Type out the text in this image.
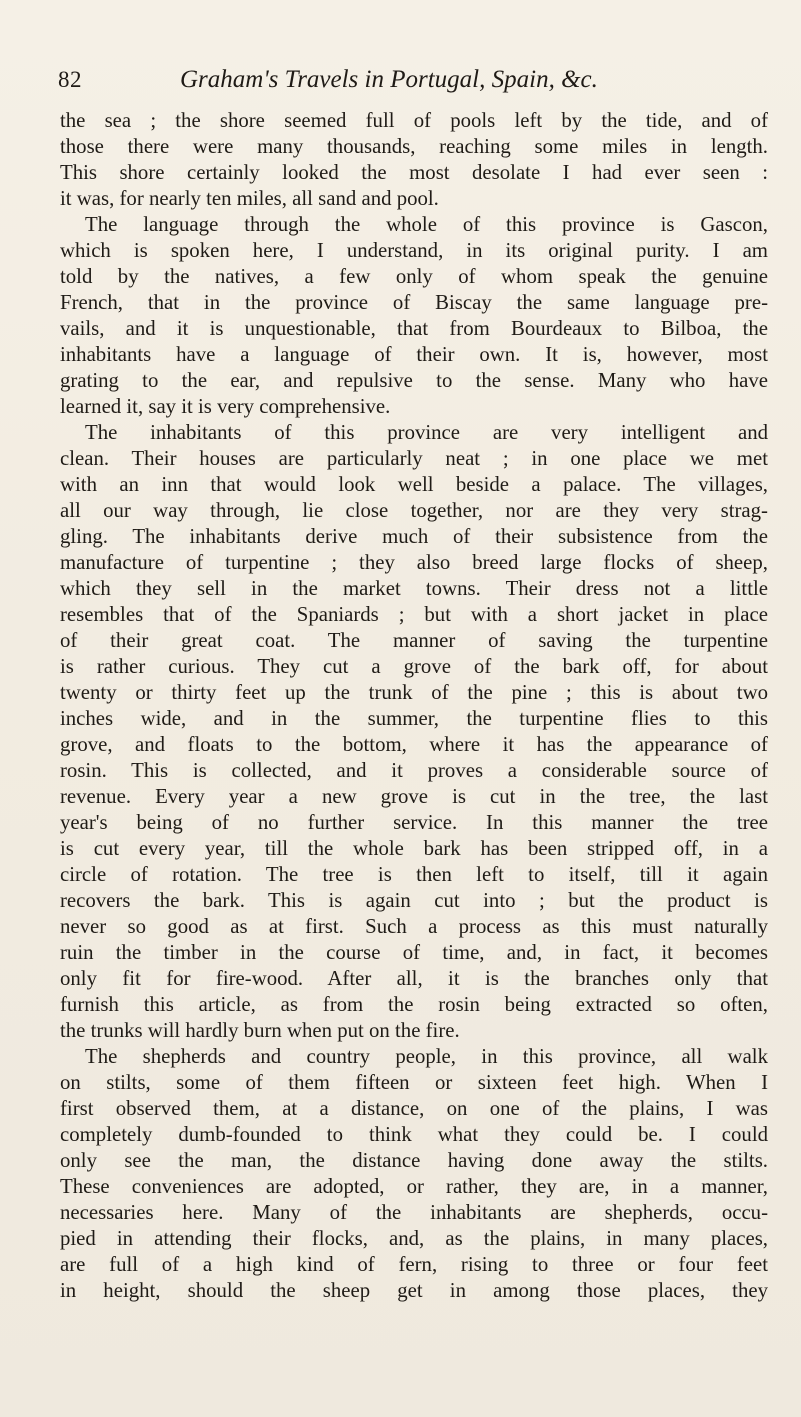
82	Graham's Travels in Portugal, Spain, &c.
the sea ; the shore seemed full of pools left by the tide, and of
those there were many thousands, reaching some miles in length.
This shore certainly looked the most desolate I had ever seen :
it was, for nearly ten miles, all sand and pool.
The language through the whole of this province is Gascon,
which is spoken here, I understand, in its original purity. I am
told by the natives, a few only of whom speak the genuine
French, that in the province of Biscay the same language pre-
vails, and it is unquestionable, that from Bourdeaux to Bilboa, the
inhabitants have a language of their own. It is, however, most
grating to the ear, and repulsive to the sense. Many who have
learned it, say it is very comprehensive.
The inhabitants of this province are very intelligent and
clean. Their houses are particularly neat ; in one place we met
with an inn that would look well beside a palace. The villages,
all our way through, lie close together, nor are they very strag-
gling. The inhabitants derive much of their subsistence from the
manufacture of turpentine ; they also breed large flocks of sheep,
which they sell in the market towns. Their dress not a little
resembles that of the Spaniards ; but with a short jacket in place
of their great coat. The manner of saving the turpentine
is rather curious. They cut a grove of the bark off, for about
twenty or thirty feet up the trunk of the pine ; this is about two
inches wide, and in the summer, the turpentine flies to this
grove, and floats to the bottom, where it has the appearance of
rosin. This is collected, and it proves a considerable source of
revenue. Every year a new grove is cut in the tree, the last
year's being of no further service. In this manner the tree
is cut every year, till the whole bark has been stripped off, in a
circle of rotation. The tree is then left to itself, till it again
recovers the bark. This is again cut into ; but the product is
never so good as at first. Such a process as this must naturally
ruin the timber in the course of time, and, in fact, it becomes
only fit for fire-wood. After all, it is the branches only that
furnish this article, as from the rosin being extracted so often,
the trunks will hardly burn when put on the fire.
The shepherds and country people, in this province, all walk
on stilts, some of them fifteen or sixteen feet high. When I
first observed them, at a distance, on one of the plains, I was
completely dumb-founded to think what they could be. I could
only see the man, the distance having done away the stilts.
These conveniences are adopted, or rather, they are, in a manner,
necessaries here. Many of the inhabitants are shepherds, occu-
pied in attending their flocks, and, as the plains, in many places,
are full of a high kind of fern, rising to three or four feet
in height, should the sheep get in among those places, they
